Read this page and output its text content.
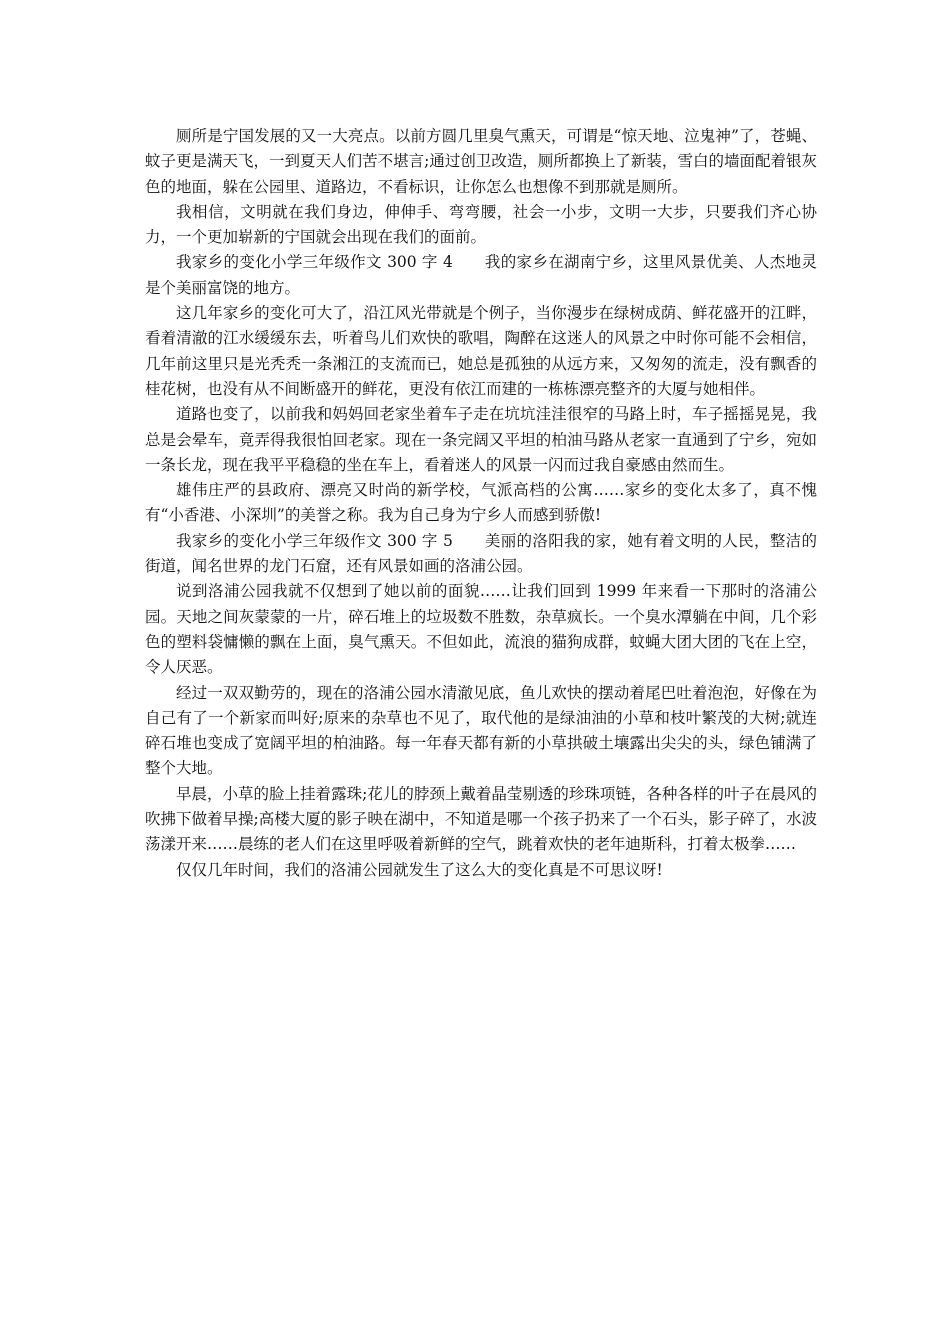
厕所是宁国发展的又一大亮点。以前方圆几里臭气熏天，可谓是“惊天地、泣鬼神”了，苍蝇、蚊子更是满天飞，一到夏天人们苦不堪言;通过创卫改造，厕所都换上了新装，雪白的墙面配着银灰色的地面，躲在公园里、道路边，不看标识，让你怎么也想像不到那就是厕所。

我相信，文明就在我们身边，伸伸手、弯弯腰，社会一小步，文明一大步，只要我们齐心协力，一个更加崭新的宁国就会出现在我们的面前。

我家乡的变化小学三年级作文 300 字 4　　我的家乡在湖南宁乡，这里风景优美、人杰地灵是个美丽富饶的地方。

这几年家乡的变化可大了，沿江风光带就是个例子，当你漫步在绿树成荫、鲜花盛开的江畔，看着清澈的江水缓缓东去，听着鸟儿们欢快的歌唱，陶醉在这迷人的风景之中时你可能不会相信，几年前这里只是光秃秃一条湘江的支流而已，她总是孤独的从远方来，又匆匆的流走，没有飘香的桂花树，也没有从不间断盛开的鲜花，更没有依江而建的一栋栋漂亮整齐的大厦与她相伴。

道路也变了，以前我和妈妈回老家坐着车子走在坑坑洼洼很窄的马路上时，车子摇摇晃晃，我总是会晕车，竟弄得我很怕回老家。现在一条完阔又平坦的柏油马路从老家一直通到了宁乡，宛如一条长龙，现在我平平稳稳的坐在车上，看着迷人的风景一闪而过我自豪感由然而生。

雄伟庄严的县政府、漂亮又时尚的新学校，气派高档的公寓……家乡的变化太多了，真不愧有“小香港、小深圳”的美誉之称。我为自己身为宁乡人而感到骄傲!

我家乡的变化小学三年级作文 300 字 5　　美丽的洛阳我的家，她有着文明的人民，整洁的街道，闻名世界的龙门石窟，还有风景如画的洛浦公园。

说到洛浦公园我就不仅想到了她以前的面貌……让我们回到 1999 年来看一下那时的洛浦公园。天地之间灰蒙蒙的一片，碎石堆上的垃圾数不胜数，杂草疯长。一个臭水潭躺在中间，几个彩色的塑料袋慵懒的飘在上面，臭气熏天。不但如此，流浪的猫狗成群，蚊蝇大团大团的飞在上空，令人厌恶。

经过一双双勤劳的，现在的洛浦公园水清澈见底，鱼儿欢快的摆动着尾巴吐着泡泡，好像在为自己有了一个新家而叫好;原来的杂草也不见了，取代他的是绿油油的小草和枝叶繁茂的大树;就连碎石堆也变成了宽阔平坦的柏油路。每一年春天都有新的小草拱破土壤露出尖尖的头，绿色铺满了整个大地。

早晨，小草的脸上挂着露珠;花儿的脖颈上戴着晶莹剔透的珍珠项链，各种各样的叶子在晨风的吹拂下做着早操;高楼大厦的影子映在湖中，不知道是哪一个孩子扔来了一个石头，影子碎了，水波荡漾开来……晨练的老人们在这里呼吸着新鲜的空气，跳着欢快的老年迪斯科，打着太极拳……

仅仅几年时间，我们的洛浦公园就发生了这么大的变化真是不可思议呀!
